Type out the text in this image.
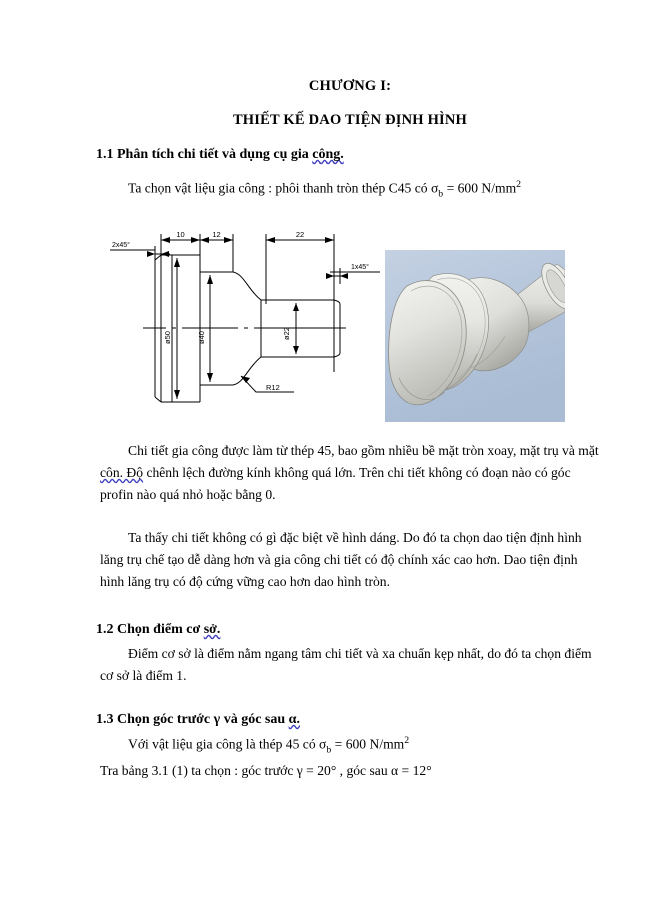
CHƯƠNG I:
THIẾT KẾ DAO TIỆN ĐỊNH HÌNH
1.1 Phân tích chi tiết và dụng cụ gia công.

Ta chọn vật liệu gia công : phôi thanh tròn thép C45 có $\sigma_b = 600$ $N/mm^2$

10	12	22
2x45°
1x45°
ø50	ø40	ø22
R12

Chi tiết gia công được làm từ thép 45, bao gồm nhiều bề mặt tròn xoay, mặt trụ và mặt côn. Độ chênh lệch đường kính không quá lớn. Trên chi tiết không có đoạn nào có góc profin nào quá nhỏ hoặc bằng 0.

Ta thấy chi tiết không có gì đặc biệt về hình dáng. Do đó ta chọn dao tiện định hình lăng trụ chế tạo dễ dàng hơn và gia công chi tiết có độ chính xác cao hơn. Dao tiện định hình lăng trụ có độ cứng vững cao hơn dao hình tròn.

1.2 Chọn điểm cơ sở.

Điểm cơ sở là điểm nằm ngang tâm chi tiết và xa chuẩn kẹp nhất, do đó ta chọn điểm cơ sở là điểm 1.

1.3 Chọn góc trước γ và góc sau α.

Với vật liệu gia công là thép 45 có $\sigma_b = 600$ $N/mm^2$

Tra bảng 3.1 (1) ta chọn : góc trước γ = 20° , góc sau α = 12°
